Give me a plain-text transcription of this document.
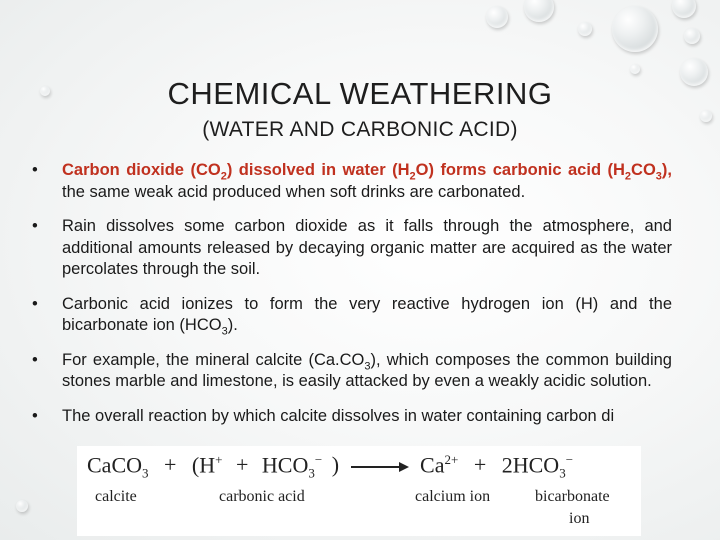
CHEMICAL WEATHERING
(WATER AND CARBONIC ACID)
• Carbon dioxide $(CO_2)$ dissolved in water $(H_2O)$ forms carbonic acid $(H_2CO_3)$, the same weak acid produced when soft drinks are carbonated.
• Rain dissolves some carbon dioxide as it falls through the atmosphere, and additional amounts released by decaying organic matter are acquired as the water percolates through the soil.
• Carbonic acid ionizes to form the very reactive hydrogen ion (H) and the bicarbonate ion $(HCO_3)$.
• For example, the mineral calcite $(Ca.CO_3)$, which composes the common building stones marble and limestone, is easily attacked by even a weakly acidic solution.
• The overall reaction by which calcite dissolves in water containing carbon di
CaCO$_3$ + ($H^+ + HCO_3^-$ )	$Ca^{2+} + 2HCO_3^-$
calcite	carbonic acid	calcium ion	bicarbonate
ion
